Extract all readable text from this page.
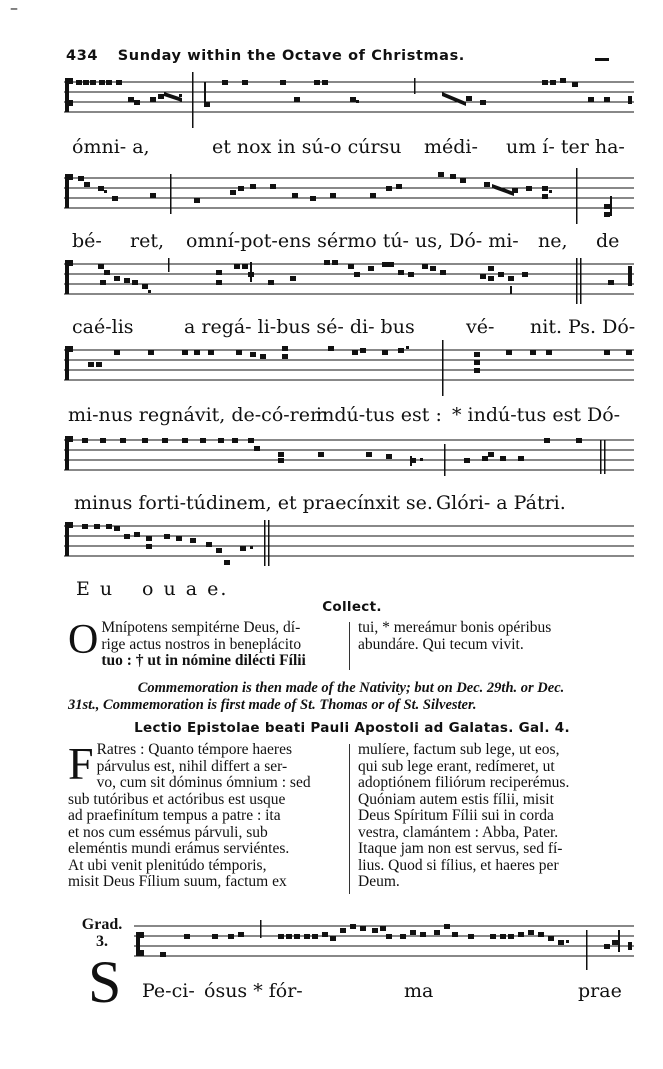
–
434 Sunday within the Octave of Christmas.
ómni- a,	et nox in sú-o cúrsu médi- um í- ter ha-
bé- ret, omní-pot-ens sérmo tú- us, Dó- mi- ne, de
caé-lis	a regá- li-bus sé- di- bus	vé- nit. Ps. Dó-
mi-nus regnávit, de-có-rem
indú-tus est : * indú-tus est Dó-
minus forti-túdinem, et praecínxit se. Glóri- a Pátri.
E u o u a e.
Collect.
O Mnípotens sempitérne Deus, dí-
rige actus nostros in beneplácito
tuo : † ut in nómine dilécti Fílii
tui, * mereámur bonis opéribus
abundáre. Qui tecum vivit.
Commemoration is then made of the Nativity; but on Dec. 29th. or Dec.
31st., Commemoration is first made of St. Thomas or of St. Silvester.
Lectio Epistolae beati Pauli Apostoli ad Galatas. Gal. 4.
F Ratres : Quanto témpore haeres
párvulus est, nihil differt a ser-
vo, cum sit dóminus ómnium : sed
sub tutóribus et actóribus est usque
ad praefinítum tempus a patre : ita
et nos cum essémus párvuli, sub
eleméntis mundi erámus serviéntes.
At ubi venit plenitúdo témporis,
misit Deus Fílium suum, factum ex
mulíere, factum sub lege, ut eos,
qui sub lege erant, redímeret, ut
adoptiónem filiórum reciperémus.
Quóniam autem estis fílii, misit
Deus Spíritum Fílii sui in corda
vestra, clamántem : Abba, Pater.
Itaque jam non est servus, sed fí-
lius. Quod si fílius, et haeres per
Deum.
Grad.
3.
S Pe-ci- ósus * fór-	ma	prae
